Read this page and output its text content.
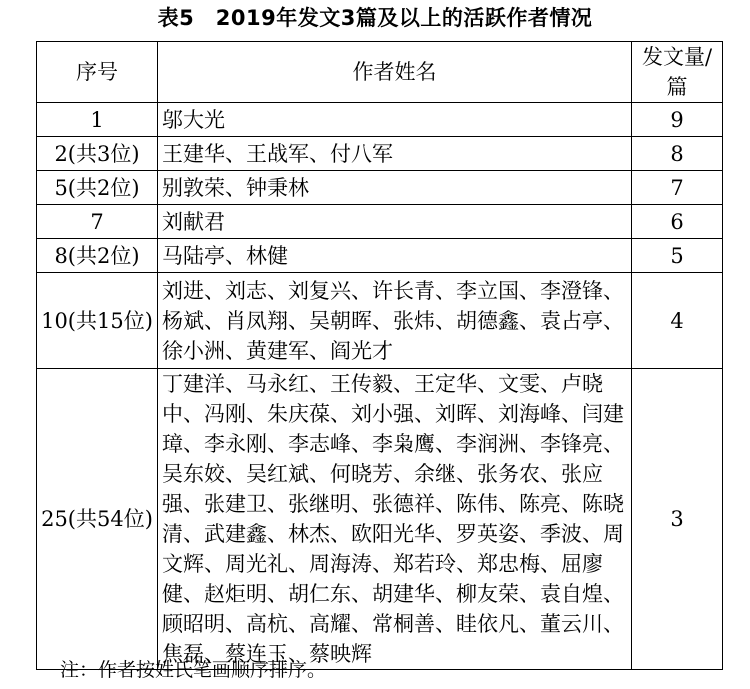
表5　2019年发文3篇及以上的活跃作者情况
序号	作者姓名	发文量/篇
1	邬大光	9
2(共3位)	王建华、王战军、付八军	8
5(共2位)	别敦荣、钟秉林	7
7	刘献君	6
8(共2位)	马陆亭、林健	5
10(共15位)	刘进、刘志、刘复兴、许长青、李立国、李澄锋、杨斌、肖凤翔、吴朝晖、张炜、胡德鑫、袁占亭、徐小洲、黄建军、阎光才	4
25(共54位)	丁建洋、马永红、王传毅、王定华、文雯、卢晓中、冯刚、朱庆葆、刘小强、刘晖、刘海峰、闫建璋、李永刚、李志峰、李枭鹰、李润洲、李锋亮、吴东姣、吴红斌、何晓芳、余继、张务农、张应强、张建卫、张继明、张德祥、陈伟、陈亮、陈晓清、武建鑫、林杰、欧阳光华、罗英姿、季波、周文辉、周光礼、周海涛、郑若玲、郑忠梅、屈廖健、赵炬明、胡仁东、胡建华、柳友荣、袁自煌、顾昭明、高杭、高耀、常桐善、眭依凡、董云川、焦磊、蔡连玉、蔡映辉	3
注：作者按姓氏笔画顺序排序。
